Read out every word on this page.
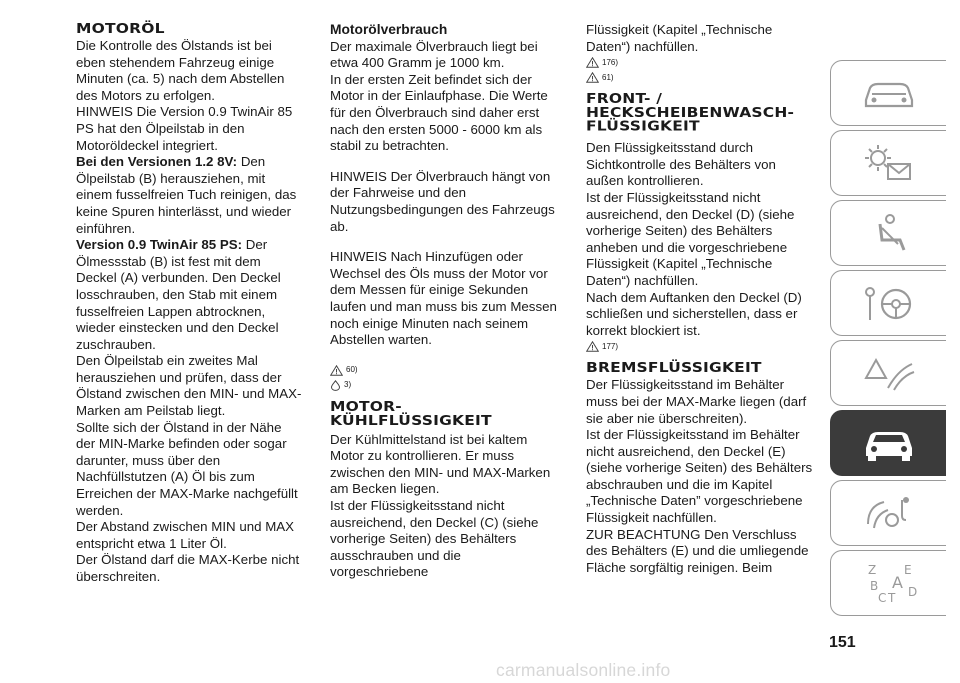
MOTORÖL

Die Kontrolle des Ölstands ist bei eben stehendem Fahrzeug einige Minuten (ca. 5) nach dem Abstellen des Motors zu erfolgen.

HINWEIS Die Version 0.9 TwinAir 85 PS hat den Ölpeilstab in den Motoröldeckel integriert.

Bei den Versionen 1.2 8V: Den Ölpeilstab (B) herausziehen, mit einem fusselfreien Tuch reinigen, das keine Spuren hinterlässt, und wieder einführen.

Version 0.9 TwinAir 85 PS: Der Ölmessstab (B) ist fest mit dem Deckel (A) verbunden. Den Deckel losschrauben, den Stab mit einem fusselfreien Lappen abtrocknen, wieder einstecken und den Deckel zuschrauben.

Den Ölpeilstab ein zweites Mal herausziehen und prüfen, dass der Ölstand zwischen den MIN- und MAX-Marken am Peilstab liegt.

Sollte sich der Ölstand in der Nähe der MIN-Marke befinden oder sogar darunter, muss über den Nachfüllstutzen (A) Öl bis zum Erreichen der MAX-Marke nachgefüllt werden.

Der Abstand zwischen MIN und MAX entspricht etwa 1 Liter Öl.

Der Ölstand darf die MAX-Kerbe nicht überschreiten.

Motorölverbrauch

Der maximale Ölverbrauch liegt bei etwa 400 Gramm je 1000 km.

In der ersten Zeit befindet sich der Motor in der Einlaufphase. Die Werte für den Ölverbrauch sind daher erst nach den ersten 5000 - 6000 km als stabil zu betrachten.

HINWEIS Der Ölverbrauch hängt von der Fahrweise und den Nutzungsbedingungen des Fahrzeugs ab.

HINWEIS Nach Hinzufügen oder Wechsel des Öls muss der Motor vor dem Messen für einige Sekunden laufen und man muss bis zum Messen noch einige Minuten nach seinem Abstellen warten.

60)
3)
MOTOR-
KÜHLFLÜSSIGKEIT

Der Kühlmittelstand ist bei kaltem Motor zu kontrollieren. Er muss zwischen den MIN- und MAX-Marken am Becken liegen.

Ist der Flüssigkeitsstand nicht ausreichend, den Deckel (C) (siehe vorherige Seiten) des Behälters ausschrauben und die vorgeschriebene

Flüssigkeit (Kapitel „Technische Daten“) nachfüllen.

176)
61)
FRONT- /
HECKSCHEIBENWASCH-
FLÜSSIGKEIT

Den Flüssigkeitsstand durch Sichtkontrolle des Behälters von außen kontrollieren.

Ist der Flüssigkeitsstand nicht ausreichend, den Deckel (D) (siehe vorherige Seiten) des Behälters anheben und die vorgeschriebene Flüssigkeit (Kapitel „Technische Daten“) nachfüllen.

Nach dem Auftanken den Deckel (D) schließen und sicherstellen, dass er korrekt blockiert ist.

177)
BREMSFLÜSSIGKEIT

Der Flüssigkeitsstand im Behälter muss bei der MAX-Marke liegen (darf sie aber nie überschreiten).

Ist der Flüssigkeitsstand im Behälter nicht ausreichend, den Deckel (E) (siehe vorherige Seiten) des Behälters abschrauben und die im Kapitel „Technische Daten” vorgeschriebene Flüssigkeit nachfüllen.

ZUR BEACHTUNG Den Verschluss des Behälters (E) und die umliegende Fläche sorgfältig reinigen. Beim	Z E
B A
C T D
151
carmanualsonline.info
